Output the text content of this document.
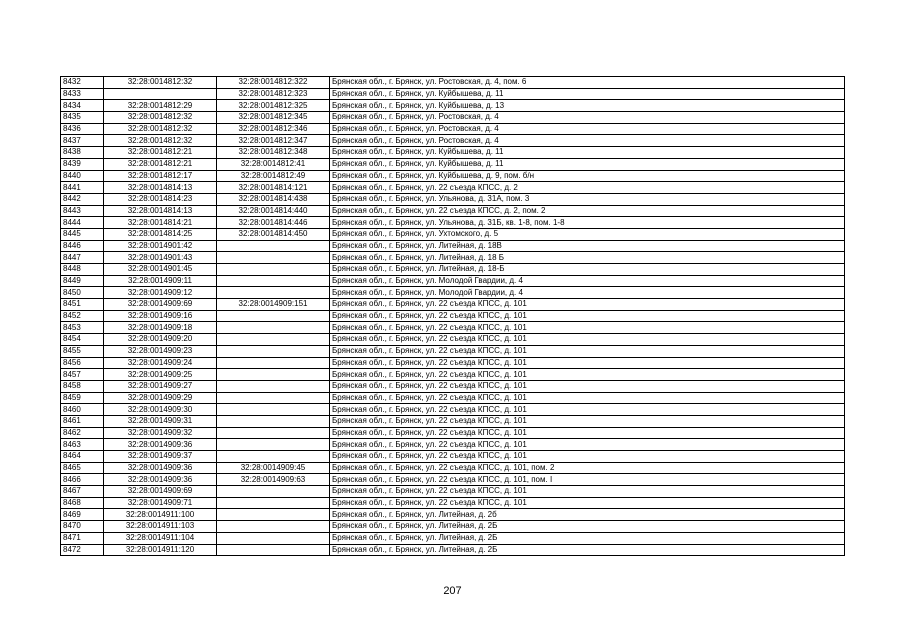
8432	32:28:0014812:32	32:28:0014812:322	Брянская обл., г. Брянск, ул. Ростовская, д. 4, пом. 6
8433		32:28:0014812:323	Брянская обл., г. Брянск, ул. Куйбышева, д. 11
8434	32:28:0014812:29	32:28:0014812:325	Брянская обл., г. Брянск, ул. Куйбышева, д. 13
8435	32:28:0014812:32	32:28:0014812:345	Брянская обл., г. Брянск, ул. Ростовская, д. 4
8436	32:28:0014812:32	32:28:0014812:346	Брянская обл., г. Брянск, ул. Ростовская, д. 4
8437	32:28:0014812:32	32:28:0014812:347	Брянская обл., г. Брянск, ул. Ростовская, д. 4
8438	32:28:0014812:21	32:28:0014812:348	Брянская обл., г. Брянск, ул. Куйбышева, д. 11
8439	32:28:0014812:21	32:28:0014812:41	Брянская обл., г. Брянск, ул. Куйбышева, д. 11
8440	32:28:0014812:17	32:28:0014812:49	Брянская обл., г. Брянск, ул. Куйбышева, д. 9, пом. б/н
8441	32:28:0014814:13	32:28:0014814:121	Брянская обл., г. Брянск, ул. 22 съезда КПСС, д. 2
8442	32:28:0014814:23	32:28:0014814:438	Брянская обл., г. Брянск, ул. Ульянова, д. 31А, пом. 3
8443	32:28:0014814:13	32:28:0014814:440	Брянская обл., г. Брянск, ул. 22 съезда КПСС, д. 2, пом. 2
8444	32:28:0014814:21	32:28:0014814:446	Брянская обл., г. Брянск, ул. Ульянова, д. 31Б, кв. 1-8, пом. 1-8
8445	32:28:0014814:25	32:28:0014814:450	Брянская обл., г. Брянск, ул. Ухтомского, д. 5
8446	32:28:0014901:42		Брянская обл., г. Брянск, ул. Литейная, д. 18В
8447	32:28:0014901:43		Брянская обл., г. Брянск, ул. Литейная, д. 18 Б
8448	32:28:0014901:45		Брянская обл., г. Брянск, ул. Литейная, д. 18-Б
8449	32:28:0014909:11		Брянская обл., г. Брянск, ул. Молодой Гвардии, д. 4
8450	32:28:0014909:12		Брянская обл., г. Брянск, ул. Молодой Гвардии, д. 4
8451	32:28:0014909:69	32:28:0014909:151	Брянская обл., г. Брянск, ул. 22 съезда КПСС, д. 101
8452	32:28:0014909:16		Брянская обл., г. Брянск, ул. 22 съезда КПСС, д. 101
8453	32:28:0014909:18		Брянская обл., г. Брянск, ул. 22 съезда КПСС, д. 101
8454	32:28:0014909:20		Брянская обл., г. Брянск, ул. 22 съезда КПСС, д. 101
8455	32:28:0014909:23		Брянская обл., г. Брянск, ул. 22 съезда КПСС, д. 101
8456	32:28:0014909:24		Брянская обл., г. Брянск, ул. 22 съезда КПСС, д. 101
8457	32:28:0014909:25		Брянская обл., г. Брянск, ул. 22 съезда КПСС, д. 101
8458	32:28:0014909:27		Брянская обл., г. Брянск, ул. 22 съезда КПСС, д. 101
8459	32:28:0014909:29		Брянская обл., г. Брянск, ул. 22 съезда КПСС, д. 101
8460	32:28:0014909:30		Брянская обл., г. Брянск, ул. 22 съезда КПСС, д. 101
8461	32:28:0014909:31		Брянская обл., г. Брянск, ул. 22 съезда КПСС, д. 101
8462	32:28:0014909:32		Брянская обл., г. Брянск, ул. 22 съезда КПСС, д. 101
8463	32:28:0014909:36		Брянская обл., г. Брянск, ул. 22 съезда КПСС, д. 101
8464	32:28:0014909:37		Брянская обл., г. Брянск, ул. 22 съезда КПСС, д. 101
8465	32:28:0014909:36	32:28:0014909:45	Брянская обл., г. Брянск, ул. 22 съезда КПСС, д. 101, пом. 2
8466	32:28:0014909:36	32:28:0014909:63	Брянская обл., г. Брянск, ул. 22 съезда КПСС, д. 101, пом. I
8467	32:28:0014909:69		Брянская обл., г. Брянск, ул. 22 съезда КПСС, д. 101
8468	32:28:0014909:71		Брянская обл., г. Брянск, ул. 22 съезда КПСС, д. 101
8469	32:28:0014911:100		Брянская обл., г. Брянск, ул. Литейная, д. 2б
8470	32:28:0014911:103		Брянская обл., г. Брянск, ул. Литейная, д. 2Б
8471	32:28:0014911:104		Брянская обл., г. Брянск, ул. Литейная, д. 2Б
8472	32:28:0014911:120		Брянская обл., г. Брянск, ул. Литейная, д. 2Б
207
